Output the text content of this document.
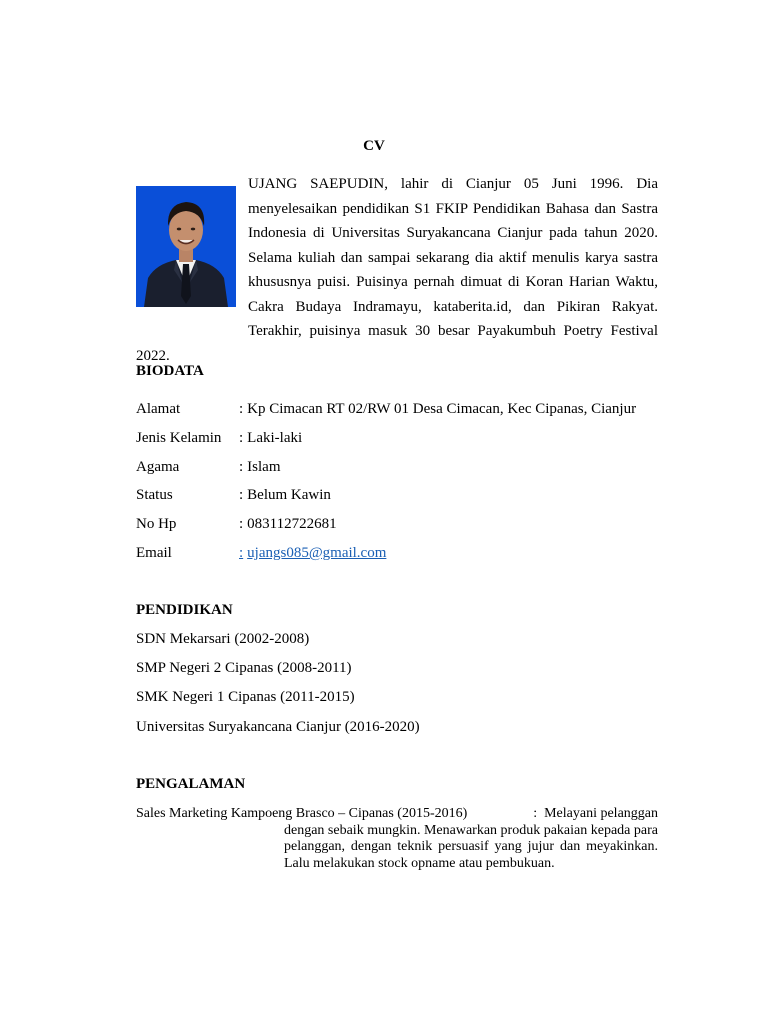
CV
UJANG SAEPUDIN, lahir di Cianjur 05 Juni 1996. Dia menyelesaikan pendidikan S1 FKIP Pendidikan Bahasa dan Sastra Indonesia di Universitas Suryakancana Cianjur pada tahun 2020. Selama kuliah dan sampai sekarang dia aktif menulis karya sastra khususnya puisi. Puisinya pernah dimuat di Koran Harian Waktu, Cakra Budaya Indramayu, kataberita.id, dan Pikiran Rakyat. Terakhir, puisinya masuk 30 besar Payakumbuh Poetry Festival 2022.
BIODATA
Alamat	: Kp Cimacan RT 02/RW 01 Desa Cimacan, Kec Cipanas, Cianjur
Jenis Kelamin : Laki-laki
Agama	: Islam
Status	: Belum Kawin
No Hp	: 083112722681
Email	: ujangs085@gmail.com
PENDIDIKAN
SDN Mekarsari (2002-2008)
SMP Negeri 2 Cipanas (2008-2011)
SMK Negeri 1 Cipanas (2011-2015)
Universitas Suryakancana Cianjur (2016-2020)
PENGALAMAN
Sales Marketing Kampoeng Brasco – Cipanas (2015-2016)	: Melayani pelanggan
dengan sebaik mungkin. Menawarkan produk pakaian kepada para pelanggan, dengan teknik persuasif yang jujur dan meyakinkan. Lalu melakukan stock opname atau pembukuan.
